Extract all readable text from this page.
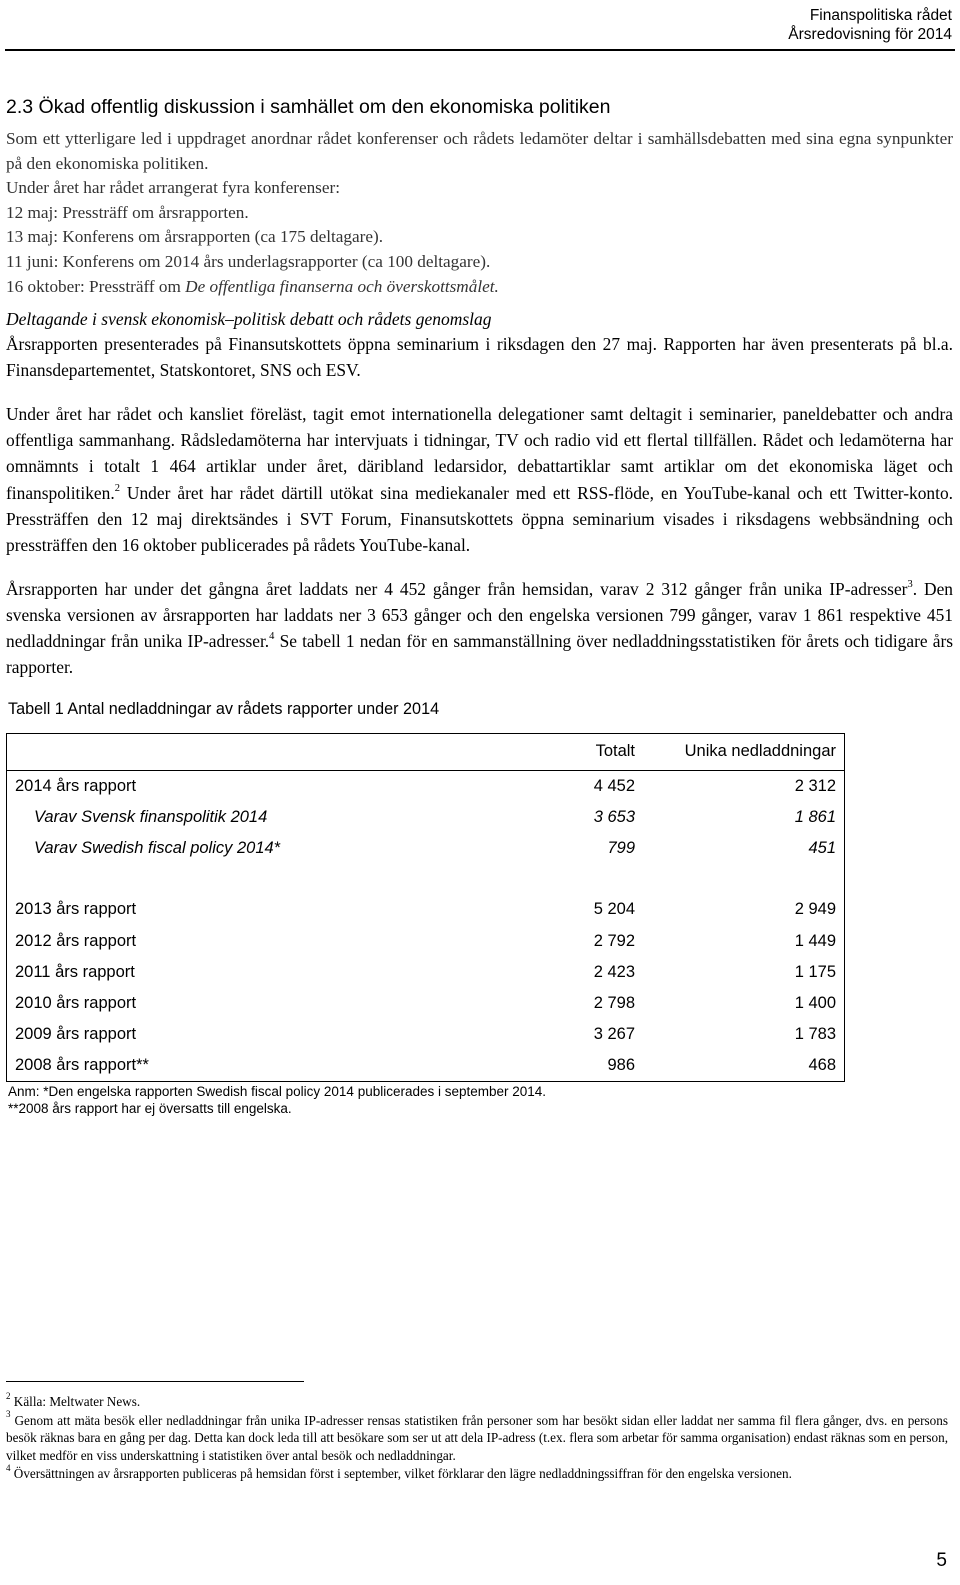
Finanspolitiska rådet
Årsredovisning för 2014
2.3 Ökad offentlig diskussion i samhället om den ekonomiska politiken

Som ett ytterligare led i uppdraget anordnar rådet konferenser och rådets ledamöter deltar i samhällsdebatten med sina egna synpunkter på den ekonomiska politiken.

Under året har rådet arrangerat fyra konferenser:
12 maj: Pressträff om årsrapporten.
13 maj: Konferens om årsrapporten (ca 175 deltagare).
11 juni: Konferens om 2014 års underlagsrapporter (ca 100 deltagare).
16 oktober: Pressträff om De offentliga finanserna och överskottsmålet.
Deltagande i svensk ekonomisk–politisk debatt och rådets genomslag

Årsrapporten presenterades på Finansutskottets öppna seminarium i riksdagen den 27 maj. Rapporten har även presenterats på bl.a. Finansdepartementet, Statskontoret, SNS och ESV.

Under året har rådet och kansliet föreläst, tagit emot internationella delegationer samt deltagit i seminarier, paneldebatter och andra offentliga sammanhang. Rådsledamöterna har intervjuats i tidningar, TV och radio vid ett flertal tillfällen. Rådet och ledamöterna har omnämnts i totalt 1 464 artiklar under året, däribland ledarsidor, debattartiklar samt artiklar om det ekonomiska läget och finanspolitiken.$^2$ Under året har rådet därtill utökat sina mediekanaler med ett RSS-flöde, en YouTube-kanal och ett Twitter-konto. Pressträffen den 12 maj direktsändes i SVT Forum, Finansutskottets öppna seminarium visades i riksdagens webbsändning och pressträffen den 16 oktober publicerades på rådets YouTube-kanal.

Årsrapporten har under det gångna året laddats ner 4 452 gånger från hemsidan, varav 2 312 gånger från unika IP-adresser$^3$. Den svenska versionen av årsrapporten har laddats ner 3 653 gånger och den engelska versionen 799 gånger, varav 1 861 respektive 451 nedladdningar från unika IP-adresser.$^4$ Se tabell 1 nedan för en sammanställning över nedladdningsstatistiken för årets och tidigare års rapporter.

Tabell 1 Antal nedladdningar av rådets rapporter under 2014
	Totalt	Unika nedladdningar
2014 års rapport	4 452	2 312
Varav Svensk finanspolitik 2014	3 653	1 861
Varav Swedish fiscal policy 2014*	799	451

2013 års rapport	5 204	2 949
2012 års rapport	2 792	1 449
2011 års rapport	2 423	1 175
2010 års rapport	2 798	1 400
2009 års rapport	3 267	1 783
2008 års rapport**	986	468
Anm: *Den engelska rapporten Swedish fiscal policy 2014 publicerades i september 2014.
**2008 års rapport har ej översatts till engelska.

$^2$ Källa: Meltwater News.

$^3$ Genom att mäta besök eller nedladdningar från unika IP-adresser rensas statistiken från personer som har besökt sidan eller laddat ner samma fil flera gånger, dvs. en persons besök räknas bara en gång per dag. Detta kan dock leda till att besökare som ser ut att dela IP-adress (t.ex. flera som arbetar för samma organisation) endast räknas som en person, vilket medför en viss underskattning i statistiken över antal besök och nedladdningar.

$^4$ Översättningen av årsrapporten publiceras på hemsidan först i september, vilket förklarar den lägre nedladdningssiffran för den engelska versionen.

5
